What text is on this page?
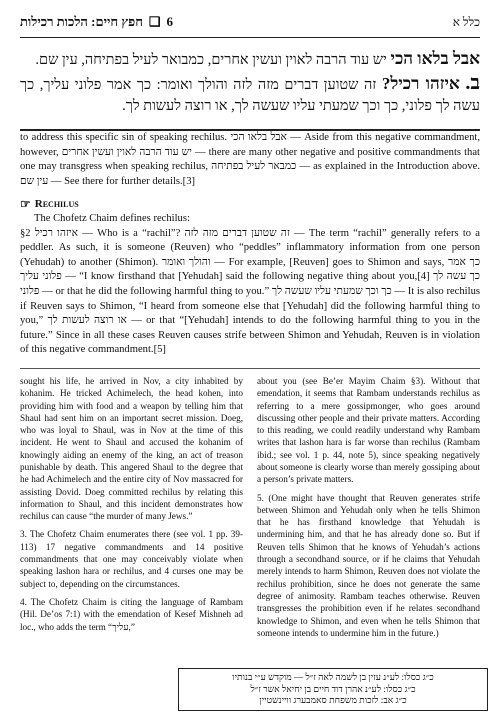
6
❑
חפץ חיים: הלכות רכילות	כלל א

אבל בלאו הכי יש עוד הרבה לאוין ועשין אחרים, כמבואר לעיל בפתיחה, עין שם.

ב. איזהו רכיל? זה שטוען דברים מזה לזה והולך ואומר: כך אמר פלוני עליך, כך עשה לך פלוני, כך וכך שמעתי עליו שעשה לך, או רוצה לעשות לך.

to address this specific sin of speaking rechilus. אבל בלאו הכי — Aside from this negative commandment, however, יש עוד הרבה לאוין ועשין אחרים — there are many other negative and positive commandments that one may transgress when speaking rechilus, כמבאר לעיל בפתיחה — as explained in the Introduction above. עין שם — See there for further details.[3]

☞ Rechilus

The Chofetz Chaim defines rechilus:

§2 איזהו רכיל — Who is a “rachil”? זה שטוען דברים מזה לזה — The term “rachil” generally refers to a peddler. As such, it is someone (Reuven) who “peddles” inflammatory information from one person (Yehudah) to another (Shimon). והולך ואומר — For example, [Reuven] goes to Shimon and says, כך אמר פלוני עליך — “I know firsthand that [Yehudah] said the following negative thing about you,[4] כך עשה לך פלוני — or that he did the following harmful thing to you.” כך וכך שמעתי עליו שעשה לך — It is also rechilus if Reuven says to Shimon, “I heard from someone else that [Yehudah] did the following harmful thing to you,” או רוצה לעשות לך — or that “[Yehudah] intends to do the following harmful thing to you in the future.” Since in all these cases Reuven causes strife between Shimon and Yehudah, Reuven is in violation of this negative commandment.[5]

sought his life, he arrived in Nov, a city inhabited by kohanim. He tricked Achimelech, the head kohen, into providing him with food and a weapon by telling him that Shaul had sent him on an important secret mission. Doeg, who was loyal to Shaul, was in Nov at the time of this incident. He went to Shaul and accused the kohanim of knowingly aiding an enemy of the king, an act of treason punishable by death. This angered Shaul to the degree that he had Achimelech and the entire city of Nov massacred for assisting Dovid. Doeg committed rechilus by relating this information to Shaul, and this incident demonstrates how rechilus can cause “the murder of many Jews.”

3. The Chofetz Chaim enumerates there (see vol. 1 pp. 39-113) 17 negative commandments and 14 positive commandments that one may conceivably violate when speaking lashon hara or rechilus, and 4 curses one may be subject to, depending on the circumstances.

4. The Chofetz Chaim is citing the language of Rambam (Hil. De’os 7:1) with the emendation of Kesef Mishneh ad loc., who adds the term “עליך,”

about you (see Be’er Mayim Chaim §3). Without that emendation, it seems that Rambam understands rechilus as referring to a mere gossipmonger, who goes around discussing other people and their private matters. According to this reading, we could readily understand why Rambam writes that lashon hara is far worse than rechilus (Rambam ibid.; see vol. 1 p. 44, note 5), since speaking negatively about someone is clearly worse than merely gossiping about a person’s private matters.

5. (One might have thought that Reuven generates strife between Shimon and Yehudah only when he tells Shimon that he has firsthand knowledge that Yehudah is undermining him, and that he has already done so. But if Reuven tells Shimon that he knows of Yehudah’s actions through a secondhand source, or if he claims that Yehudah merely intends to harm Shimon, Reuven does not violate the rechilus prohibition, since he does not generate the same degree of animosity. Rambam teaches otherwise. Reuven transgresses the prohibition even if he relates secondhand knowledge to Shimon, and even when he tells Shimon that someone intends to undermine him in the future.)

כ״ג כסלו: לע״נ עזין בן לשמה לאה ז״ל — מוקדש ע״י בנותיו

כ״ג כסלו: לע״נ אהרן דוד חיים בן יחיאל אשר ז״ל

כ״ג אב: לזכות משפחת סאמבערג וויינשטיין
